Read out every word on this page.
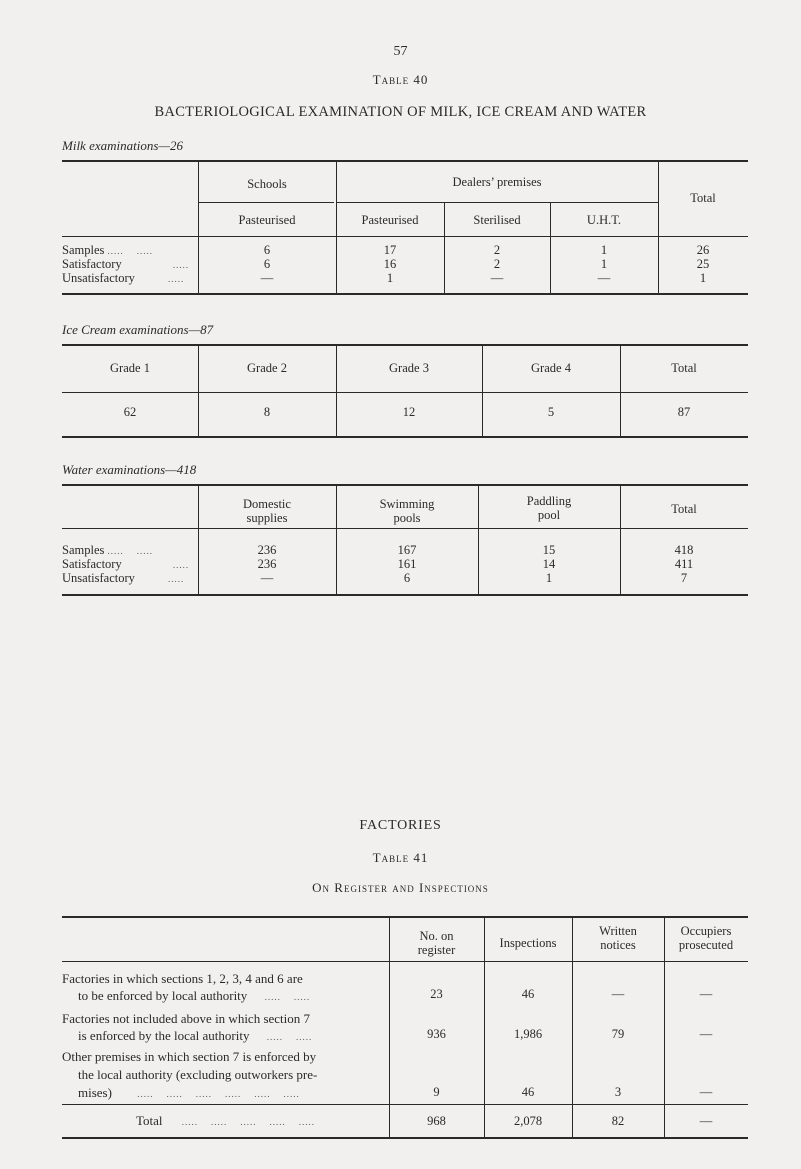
57
Table 40
BACTERIOLOGICAL EXAMINATION OF MILK, ICE CREAM AND WATER
Milk examinations—26
Schools	Dealers’ premises
Total
Pasteurised	Pasteurised	Sterilised	U.H.T.
Samples .....    .....	6	17	2	1	26
Satisfactory	.....	6	16	2	1	25
Unsatisfactory	.....	—	1	—	—	1
Ice Cream examinations—87
Grade 1	Grade 2	Grade 3	Grade 4	Total
62	8	12	5	87
Water examinations—418
Domestic
supplies
Swimming
pools
Paddling
pool	Total
Samples .....    .....	236	167	15	418
Satisfactory	.....	236	161	14	411
Unsatisfactory	.....	—	6	1	7
FACTORIES
Table 41
On Register and Inspections
No. on
register	Inspections
Written
notices
Occupiers
prosecuted
Factories in which sections 1, 2, 3, 4 and 6 are
to be enforced by local authority .....    .....	23	46	—	—
Factories not included above in which section 7
is enforced by the local authority .....    .....	936	1,986	79	—
Other premises in which section 7 is enforced by
the local authority (excluding outworkers pre-
mises)	.....    .....    .....    .....    .....    .....	9	46	3	—
Total .....    .....    .....    .....    .....	968	2,078	82	—
